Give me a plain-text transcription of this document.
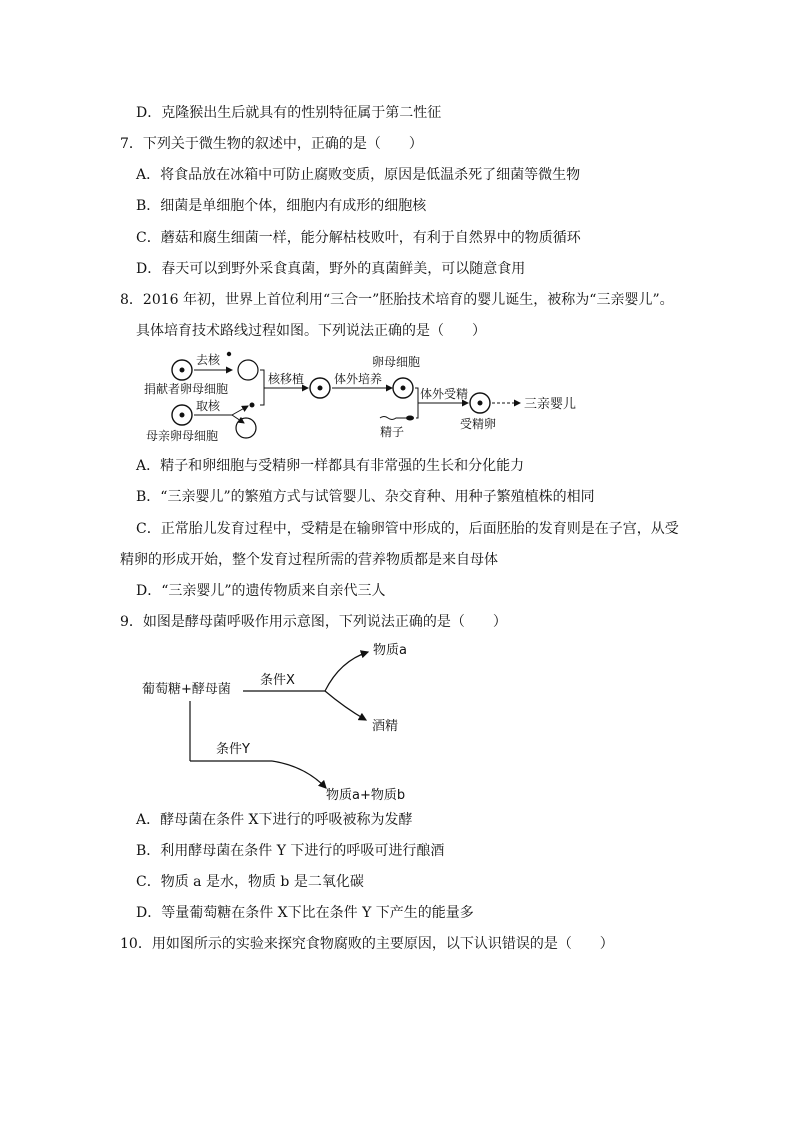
D．克隆猴出生后就具有的性别特征属于第二性征
7．下列关于微生物的叙述中，正确的是（　　）
A．将食品放在冰箱中可防止腐败变质，原因是低温杀死了细菌等微生物
B．细菌是单细胞个体，细胞内有成形的细胞核
C．蘑菇和腐生细菌一样，能分解枯枝败叶，有利于自然界中的物质循环
D．春天可以到野外采食真菌，野外的真菌鲜美，可以随意食用
8．2016 年初，世界上首位利用“三合一”胚胎技术培育的婴儿诞生，被称为“三亲婴儿”。
具体培育技术路线过程如图。下列说法正确的是（　　）
去核
捐献者卵母细胞
取核
母亲卵母细胞
核移植 体外培养
卵母细胞
精子
体外受精
受精卵
三亲婴儿
A．精子和卵细胞与受精卵一样都具有非常强的生长和分化能力
B．“三亲婴儿”的繁殖方式与试管婴儿、杂交育种、用种子繁殖植株的相同
C．正常胎儿发育过程中，受精是在输卵管中形成的，后面胚胎的发育则是在子宫，从受
精卵的形成开始，整个发育过程所需的营养物质都是来自母体
D．“三亲婴儿”的遗传物质来自亲代三人
9．如图是酵母菌呼吸作用示意图，下列说法正确的是（　　）
葡萄糖+酵母菌
条件X
物质a
酒精
条件Y
物质a+物质b
A．酵母菌在条件 X下进行的呼吸被称为发酵
B．利用酵母菌在条件 Y 下进行的呼吸可进行酿酒
C．物质 a 是水，物质 b 是二氧化碳
D．等量葡萄糖在条件 X下比在条件 Y 下产生的能量多
10．用如图所示的实验来探究食物腐败的主要原因，以下认识错误的是（　　）
